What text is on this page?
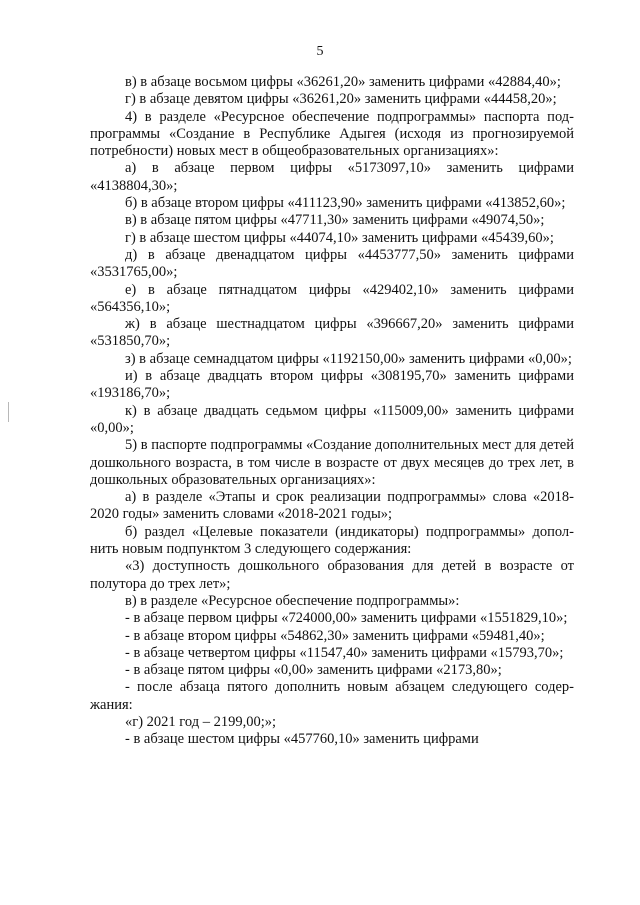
5

в) в абзаце восьмом цифры «36261,20» заменить цифрами «42884,40»;

г) в абзаце девятом цифры «36261,20» заменить цифрами «44458,20»;

4) в разделе «Ресурсное обеспечение подпрограммы» паспорта подпрограммы «Создание в Республике Адыгея (исходя из прогнозируемой потребности) новых мест в общеобразовательных организациях»:

а) в абзаце первом цифры «5173097,10» заменить цифрами «4138804,30»;

б) в абзаце втором цифры «411123,90» заменить цифрами «413852,60»;

в) в абзаце пятом цифры «47711,30» заменить цифрами «49074,50»;

г) в абзаце шестом цифры «44074,10» заменить цифрами «45439,60»;

д) в абзаце двенадцатом цифры «4453777,50» заменить цифрами «3531765,00»;

е) в абзаце пятнадцатом цифры «429402,10» заменить цифрами «564356,10»;

ж) в абзаце шестнадцатом цифры «396667,20» заменить цифрами «531850,70»;

з) в абзаце семнадцатом цифры «1192150,00» заменить цифрами «0,00»;

и) в абзаце двадцать втором цифры «308195,70» заменить цифрами «193186,70»;

к) в абзаце двадцать седьмом цифры «115009,00» заменить цифрами «0,00»;

5) в паспорте подпрограммы «Создание дополнительных мест для детей дошкольного возраста, в том числе в возрасте от двух месяцев до трех лет, в дошкольных образовательных организациях»:

а) в разделе «Этапы и срок реализации подпрограммы» слова «2018-2020 годы» заменить словами «2018-2021 годы»;

б) раздел «Целевые показатели (индикаторы) подпрограммы» дополнить новым подпунктом 3 следующего содержания:

«3) доступность дошкольного образования для детей в возрасте от полутора до трех лет»;

в) в разделе «Ресурсное обеспечение подпрограммы»:

- в абзаце первом цифры «724000,00» заменить цифрами «1551829,10»;

- в абзаце втором цифры «54862,30» заменить цифрами «59481,40»;

- в абзаце четвертом цифры «11547,40» заменить цифрами «15793,70»;

- в абзаце пятом цифры «0,00» заменить цифрами «2173,80»;

- после абзаца пятого дополнить новым абзацем следующего содержания:

«г) 2021 год – 2199,00;»;

- в абзаце шестом цифры «457760,10» заменить цифрами
